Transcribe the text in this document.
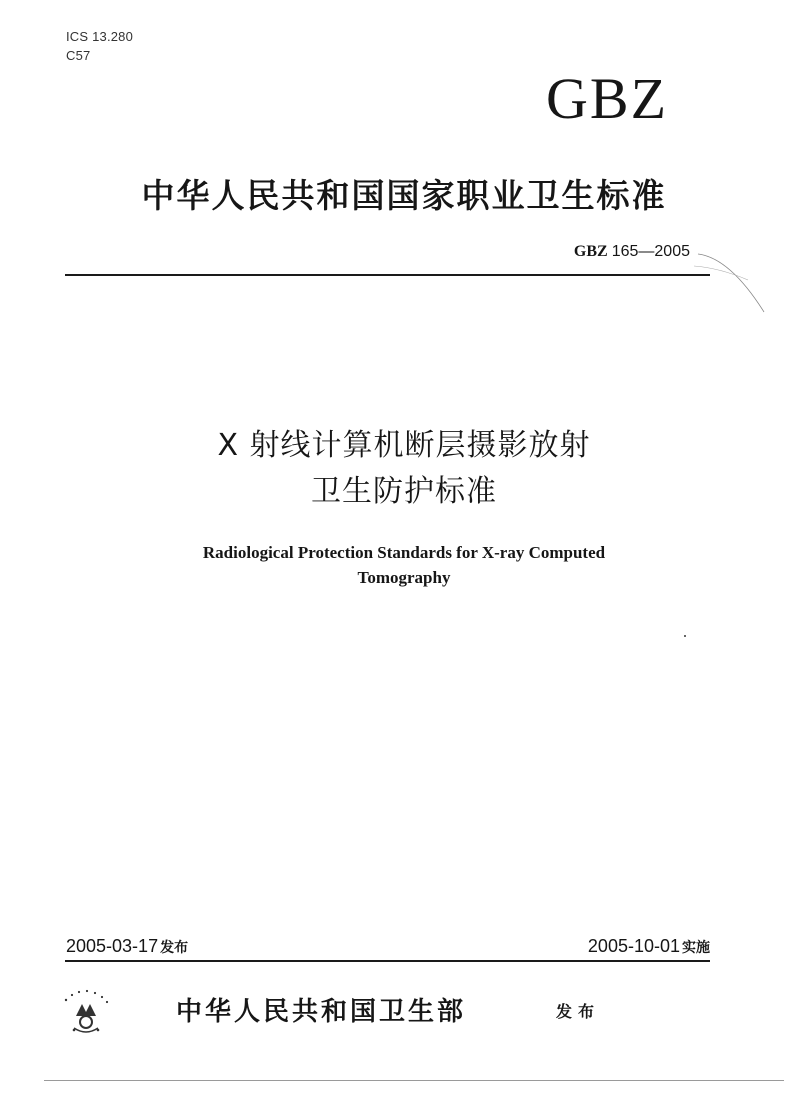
ICS 13.280
C57
GBZ
中华人民共和国国家职业卫生标准
GBZ 165—2005
X 射线计算机断层摄影放射
卫生防护标准
Radiological Protection Standards for X-ray Computed
Tomography
2005-03-17 发布	2005-10-01 实施
中华人民共和国卫生部	发布
